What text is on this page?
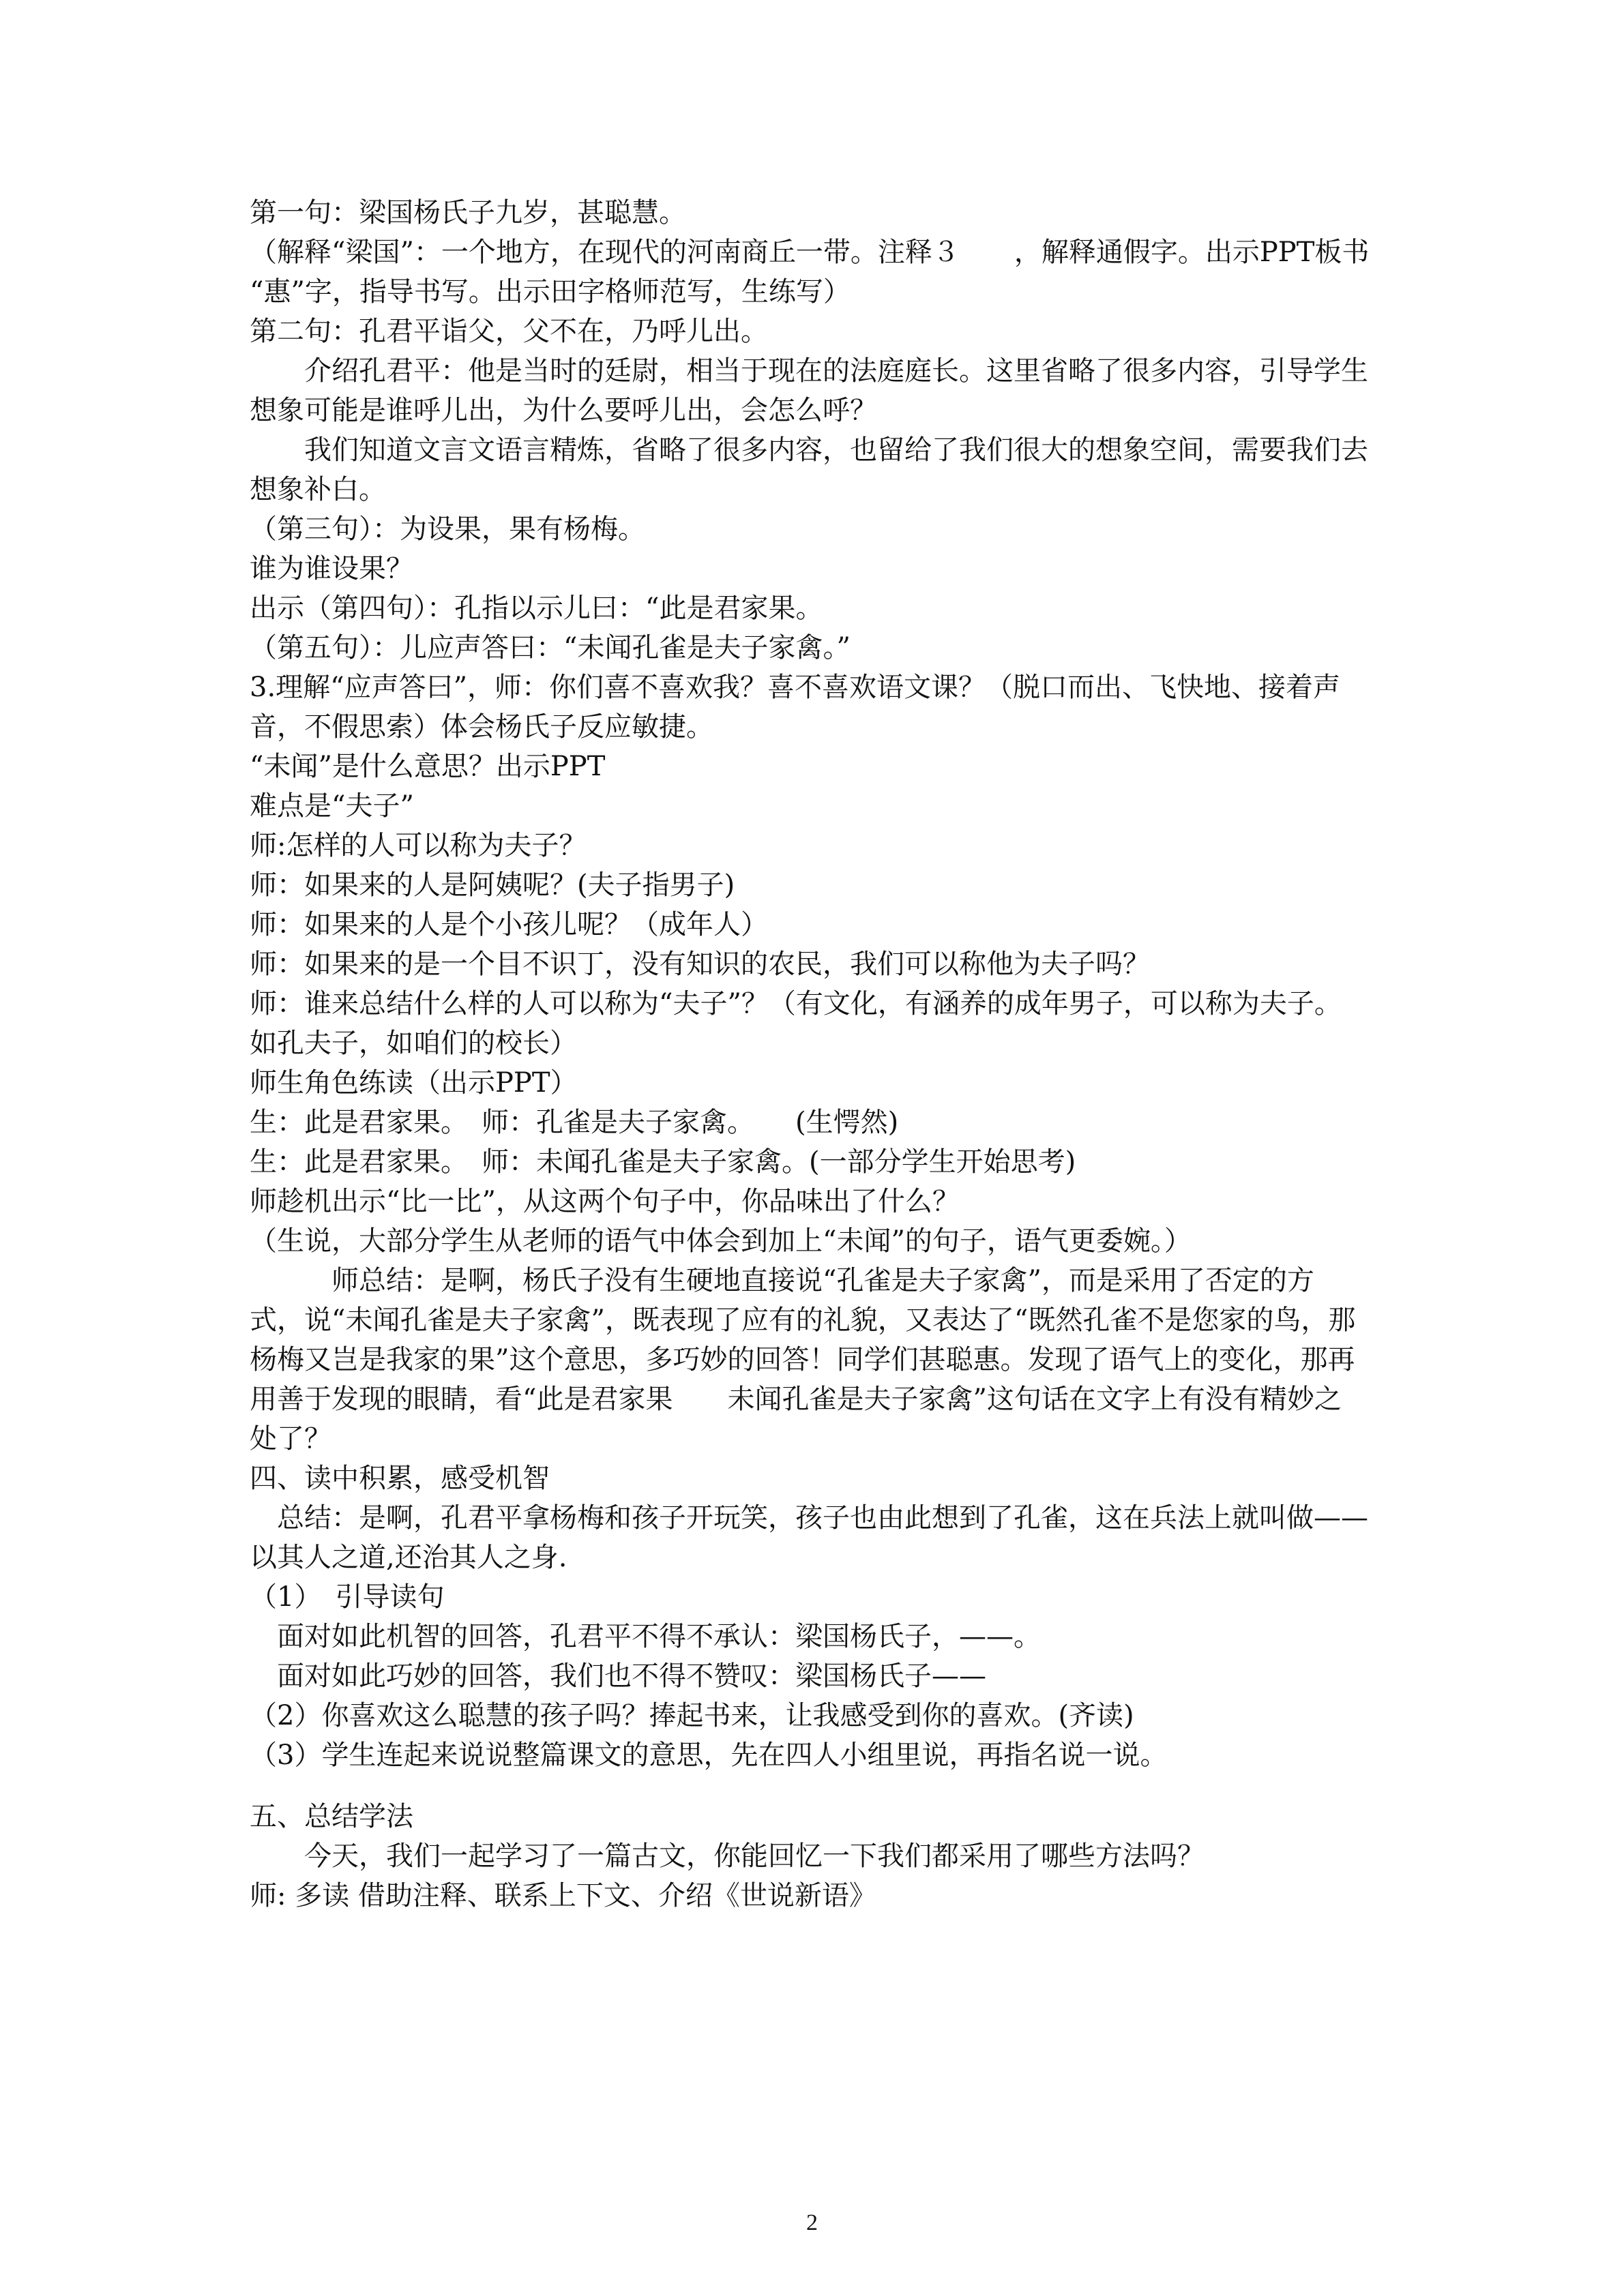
第一句：梁国杨氏子九岁，甚聪慧。
（解释“梁国”：一个地方，在现代的河南商丘一带。注释３　　，解释通假字。出示PPT板书
“惠”字，指导书写。出示田字格师范写，生练写）
第二句：孔君平诣父，父不在，乃呼儿出。
　　介绍孔君平：他是当时的廷尉，相当于现在的法庭庭长。这里省略了很多内容，引导学生
想象可能是谁呼儿出，为什么要呼儿出，会怎么呼？
　　我们知道文言文语言精炼，省略了很多内容，也留给了我们很大的想象空间，需要我们去
想象补白。
（第三句）：为设果，果有杨梅。
谁为谁设果？
出示（第四句）：孔指以示儿曰：“此是君家果。
（第五句）：儿应声答曰：“未闻孔雀是夫子家禽。”
3.理解“应声答曰”，师：你们喜不喜欢我？喜不喜欢语文课？（脱口而出、飞快地、接着声
音，不假思索）体会杨氏子反应敏捷。
“未闻”是什么意思？出示PPT
难点是“夫子”
师:怎样的人可以称为夫子？
师：如果来的人是阿姨呢？(夫子指男子)
师：如果来的人是个小孩儿呢？（成年人）
师：如果来的是一个目不识丁，没有知识的农民，我们可以称他为夫子吗？
师：谁来总结什么样的人可以称为“夫子”？（有文化，有涵养的成年男子，可以称为夫子。
如孔夫子，如咱们的校长）
师生角色练读（出示PPT）
生：此是君家果。　师：孔雀是夫子家禽。　　(生愕然)
生：此是君家果。　师：未闻孔雀是夫子家禽。(一部分学生开始思考)
师趁机出示“比一比”，从这两个句子中，你品味出了什么？
（生说，大部分学生从老师的语气中体会到加上“未闻”的句子，语气更委婉。）
　　　师总结：是啊，杨氏子没有生硬地直接说“孔雀是夫子家禽”，而是采用了否定的方
式，说“未闻孔雀是夫子家禽”，既表现了应有的礼貌，又表达了“既然孔雀不是您家的鸟，那
杨梅又岂是我家的果”这个意思，多巧妙的回答！同学们甚聪惠。发现了语气上的变化，那再
用善于发现的眼睛，看“此是君家果　　未闻孔雀是夫子家禽”这句话在文字上有没有精妙之
处了？
四、读中积累，感受机智
　总结：是啊，孔君平拿杨梅和孩子开玩笑，孩子也由此想到了孔雀，这在兵法上就叫做——
以其人之道,还治其人之身.
（1）　引导读句
　面对如此机智的回答，孔君平不得不承认：梁国杨氏子，——。
　面对如此巧妙的回答，我们也不得不赞叹：梁国杨氏子——
（2）你喜欢这么聪慧的孩子吗？捧起书来，让我感受到你的喜欢。(齐读)
（3）学生连起来说说整篇课文的意思，先在四人小组里说，再指名说一说。
五、总结学法
　　今天，我们一起学习了一篇古文，你能回忆一下我们都采用了哪些方法吗？
师: 多读 借助注释、联系上下文、介绍《世说新语》
2
